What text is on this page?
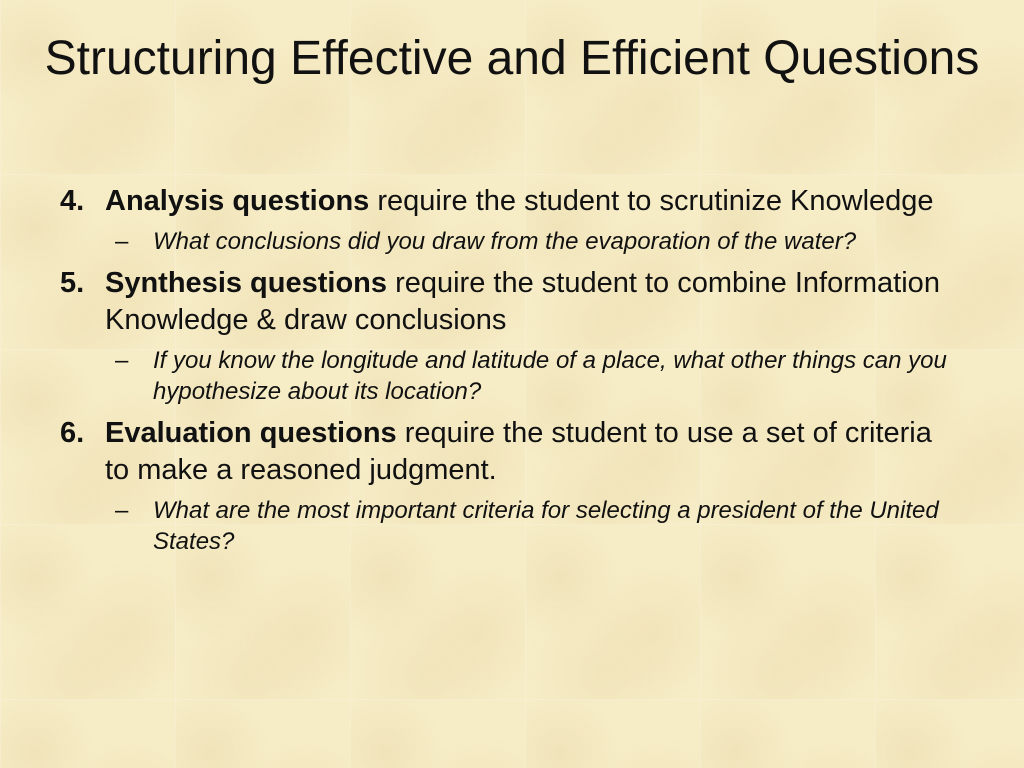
Structuring Effective and Efficient Questions
4. Analysis questions require the student to scrutinize Knowledge
–	What conclusions did you draw from the evaporation of the water?
5. Synthesis questions require the student to combine Information Knowledge & draw conclusions
–	If you know the longitude and latitude of a place, what other things can you hypothesize about its location?
6. Evaluation questions require the student to use a set of criteria to make a reasoned judgment.
–	What are the most important criteria for selecting a president of the United States?
